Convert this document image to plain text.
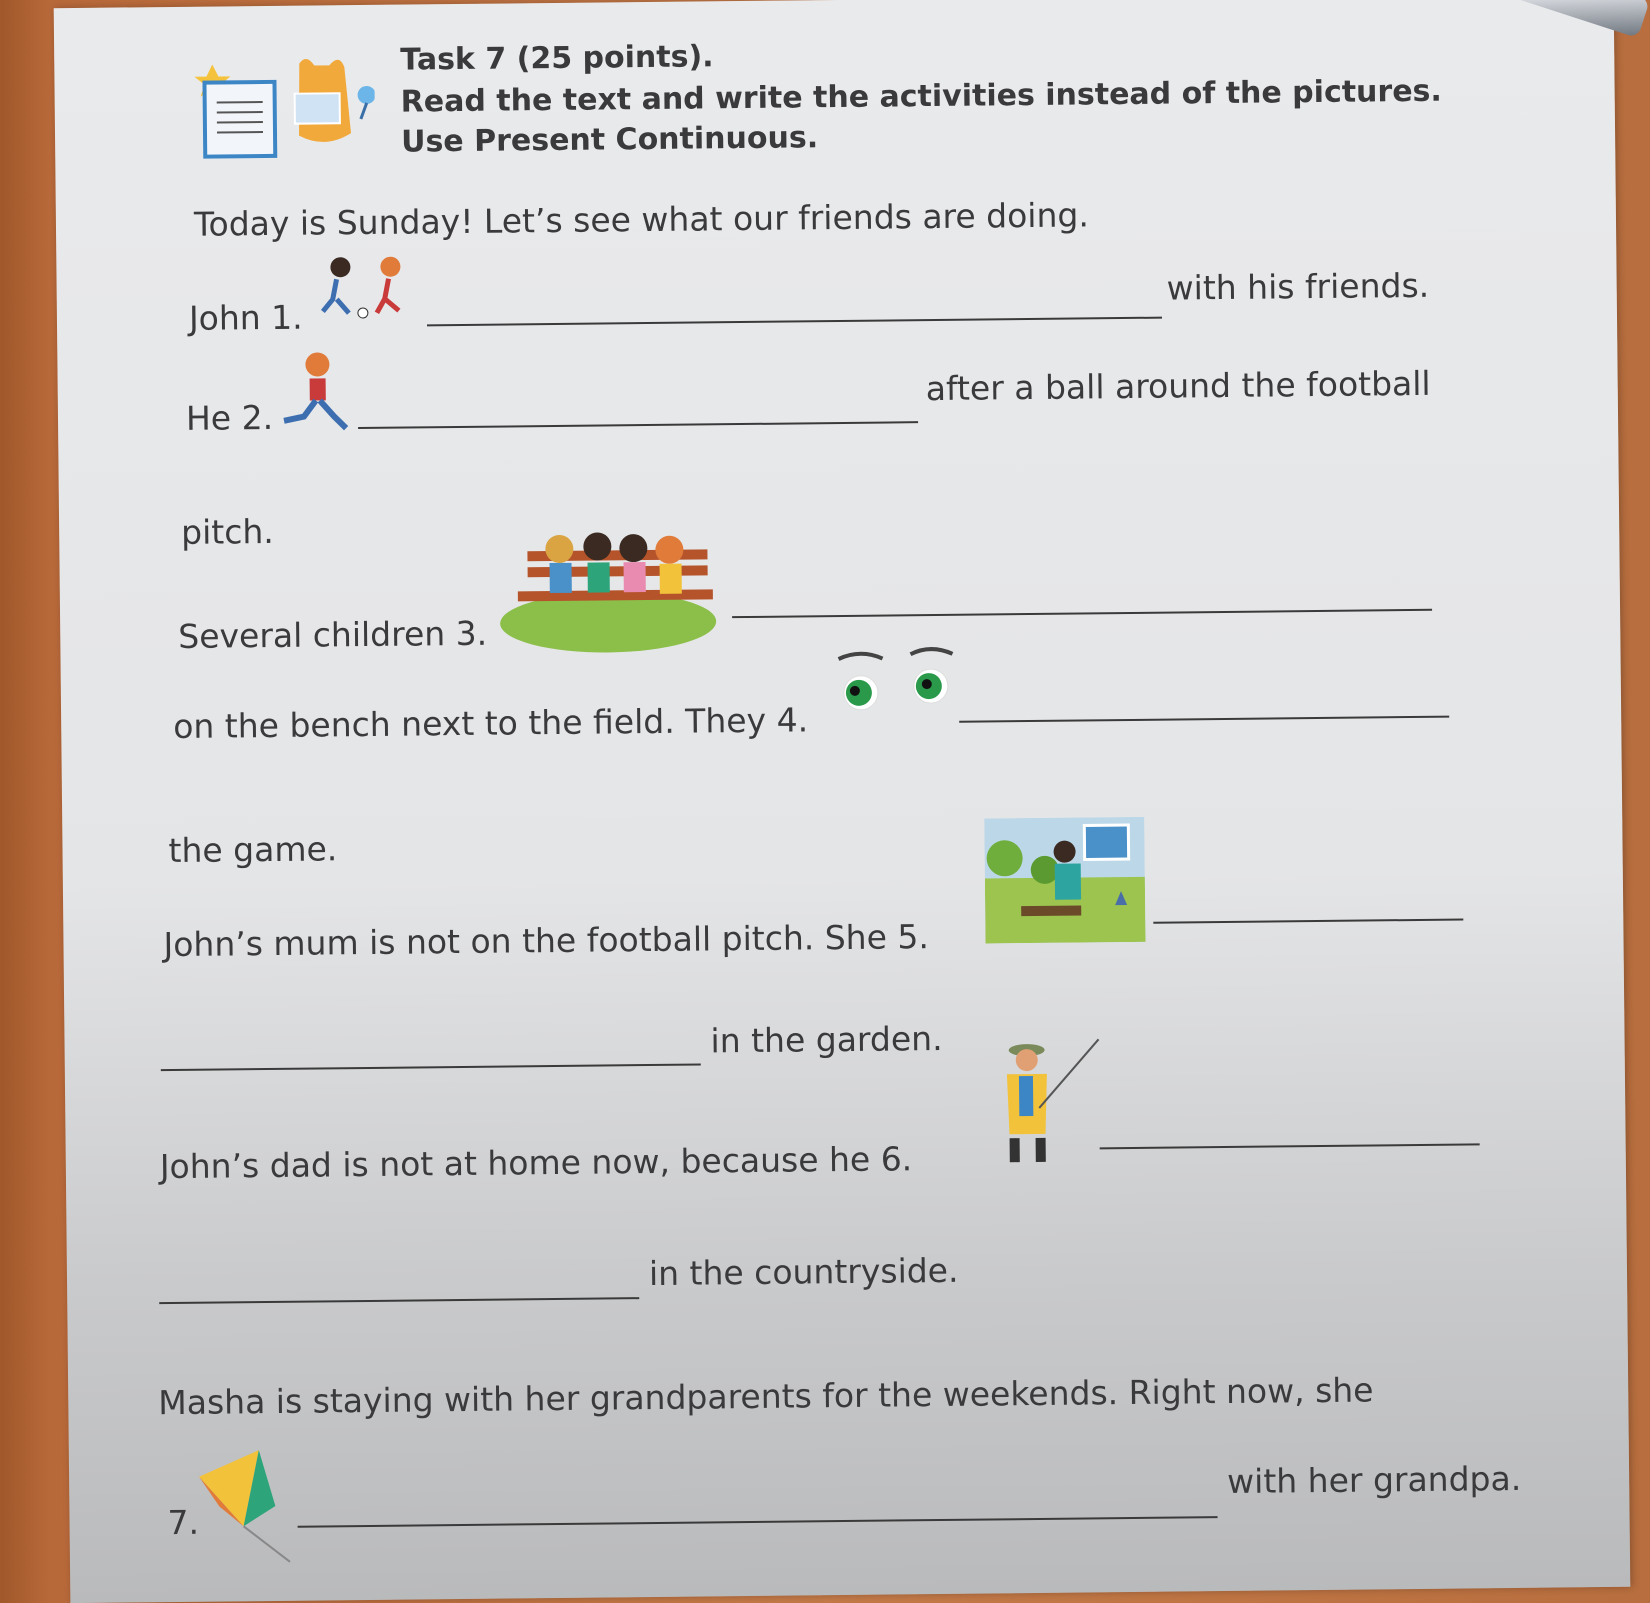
Task 7 (25 points).
Read the text and write the activities instead of the pictures.
Use Present Continuous.
Today is Sunday! Let’s see what our friends are doing.
John 1.
with his friends.
He 2.
after a ball around the football
pitch.
Several children 3.
on the bench next to the field. They 4.
the game.
John’s mum is not on the football pitch. She 5.
in the garden.
John’s dad is not at home now, because he 6.
in the countryside.
Masha is staying with her grandparents for the weekends. Right now, she
7.
with her grandpa.
